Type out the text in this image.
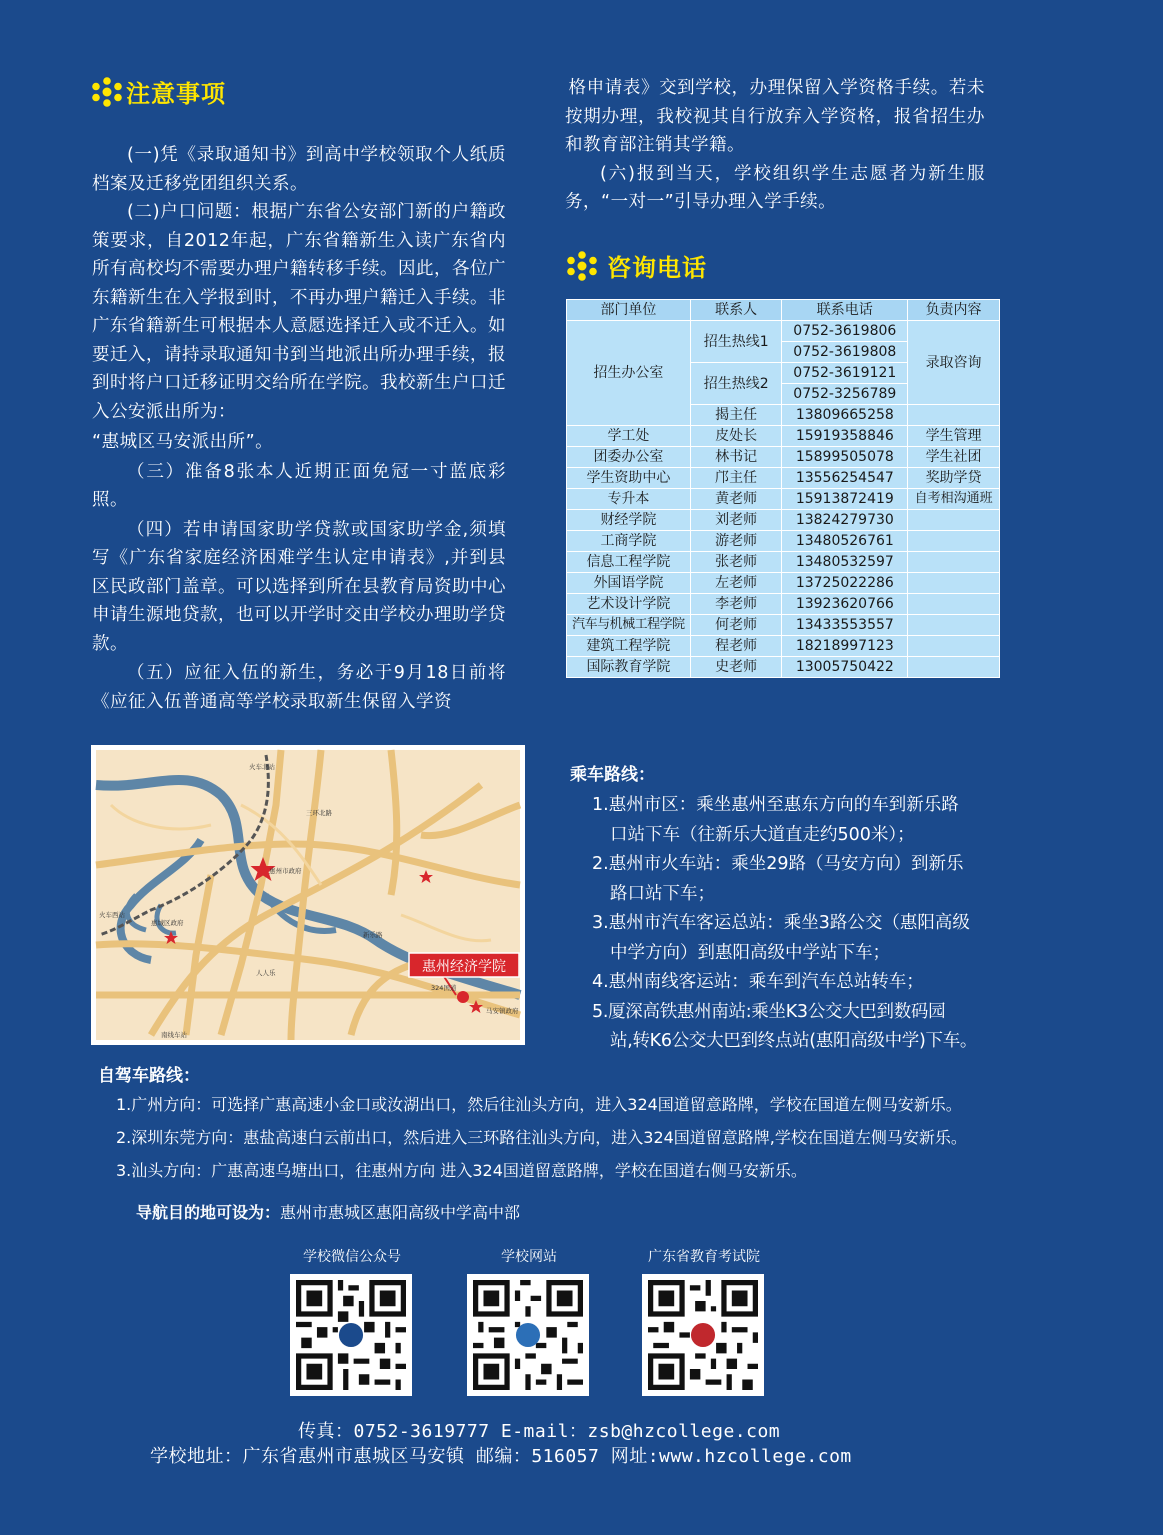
注意事项

(一)凭《录取通知书》到高中学校领取个人纸质档案及迁移党团组织关系。

(二)户口问题：根据广东省公安部门新的户籍政策要求，自2012年起，广东省籍新生入读广东省内所有高校均不需要办理户籍转移手续。因此，各位广东籍新生在入学报到时，不再办理户籍迁入手续。非广东省籍新生可根据本人意愿选择迁入或不迁入。如要迁入，请持录取通知书到当地派出所办理手续，报到时将户口迁移证明交给所在学院。我校新生户口迁入公安派出所为：

“惠城区马安派出所”。

（三）准备8张本人近期正面免冠一寸蓝底彩照。

（四）若申请国家助学贷款或国家助学金,须填写《广东省家庭经济困难学生认定申请表》,并到县区民政部门盖章。可以选择到所在县教育局资助中心申请生源地贷款，也可以开学时交由学校办理助学贷款。

（五）应征入伍的新生，务必于9月18日前将《应征入伍普通高等学校录取新生保留入学资

格申请表》交到学校，办理保留入学资格手续。若未按期办理，我校视其自行放弃入学资格，报省招生办和教育部注销其学籍。

(六)报到当天，学校组织学生志愿者为新生服务，“一对一”引导办理入学手续。

咨询电话
部门单位	联系人	联系电话	负责内容
招生办公室	招生热线1	0752-3619806	录取咨询
		0752-3619808	
	招生热线2	0752-3619121	
		0752-3256789	
	揭主任	13809665258	
学工处	皮处长	15919358846	学生管理
团委办公室	林书记	15899505078	学生社团
学生资助中心	邝主任	13556254547	奖助学贷
专升本	黄老师	15913872419	自考相沟通班
财经学院	刘老师	13824279730	
工商学院	游老师	13480526761	
信息工程学院	张老师	13480532597	
外国语学院	左老师	13725022286	
艺术设计学院	李老师	13923620766	
汽车与机械工程学院	何老师	13433553557	
建筑工程学院	程老师	18218997123	
国际教育学院	史老师	13005750422	
惠州经济学院
火车北站
火车西站
南线车站
324国道
马安镇政府
人人乐
惠州市政府
惠城区政府
三环北路
新乐路
乘车路线：

1.惠州市区：乘坐惠州至惠东方向的车到新乐路

口站下车（往新乐大道直走约500米）；

2.惠州市火车站：乘坐29路（马安方向）到新乐

路口站下车；

3.惠州市汽车客运总站：乘坐3路公交（惠阳高级

中学方向）到惠阳高级中学站下车；

4.惠州南线客运站：乘车到汽车总站转车；

5.厦深高铁惠州南站:乘坐K3公交大巴到数码园

站,转K6公交大巴到终点站(惠阳高级中学)下车。

自驾车路线：

1.广州方向：可选择广惠高速小金口或汝湖出口，然后往汕头方向，进入324国道留意路牌，学校在国道左侧马安新乐。

2.深圳东莞方向：惠盐高速白云前出口，然后进入三环路往汕头方向，进入324国道留意路牌,学校在国道左侧马安新乐。

3.汕头方向：广惠高速乌塘出口，往惠州方向 进入324国道留意路牌，学校在国道右侧马安新乐。

导航目的地可设为：惠州市惠城区惠阳高级中学高中部
学校微信公众号	学校网站	广东省教育考试院
传真：0752-3619777 E-mail：zsb@hzcollege.com
学校地址：广东省惠州市惠城区马安镇 邮编：516057 网址:www.hzcollege.com
